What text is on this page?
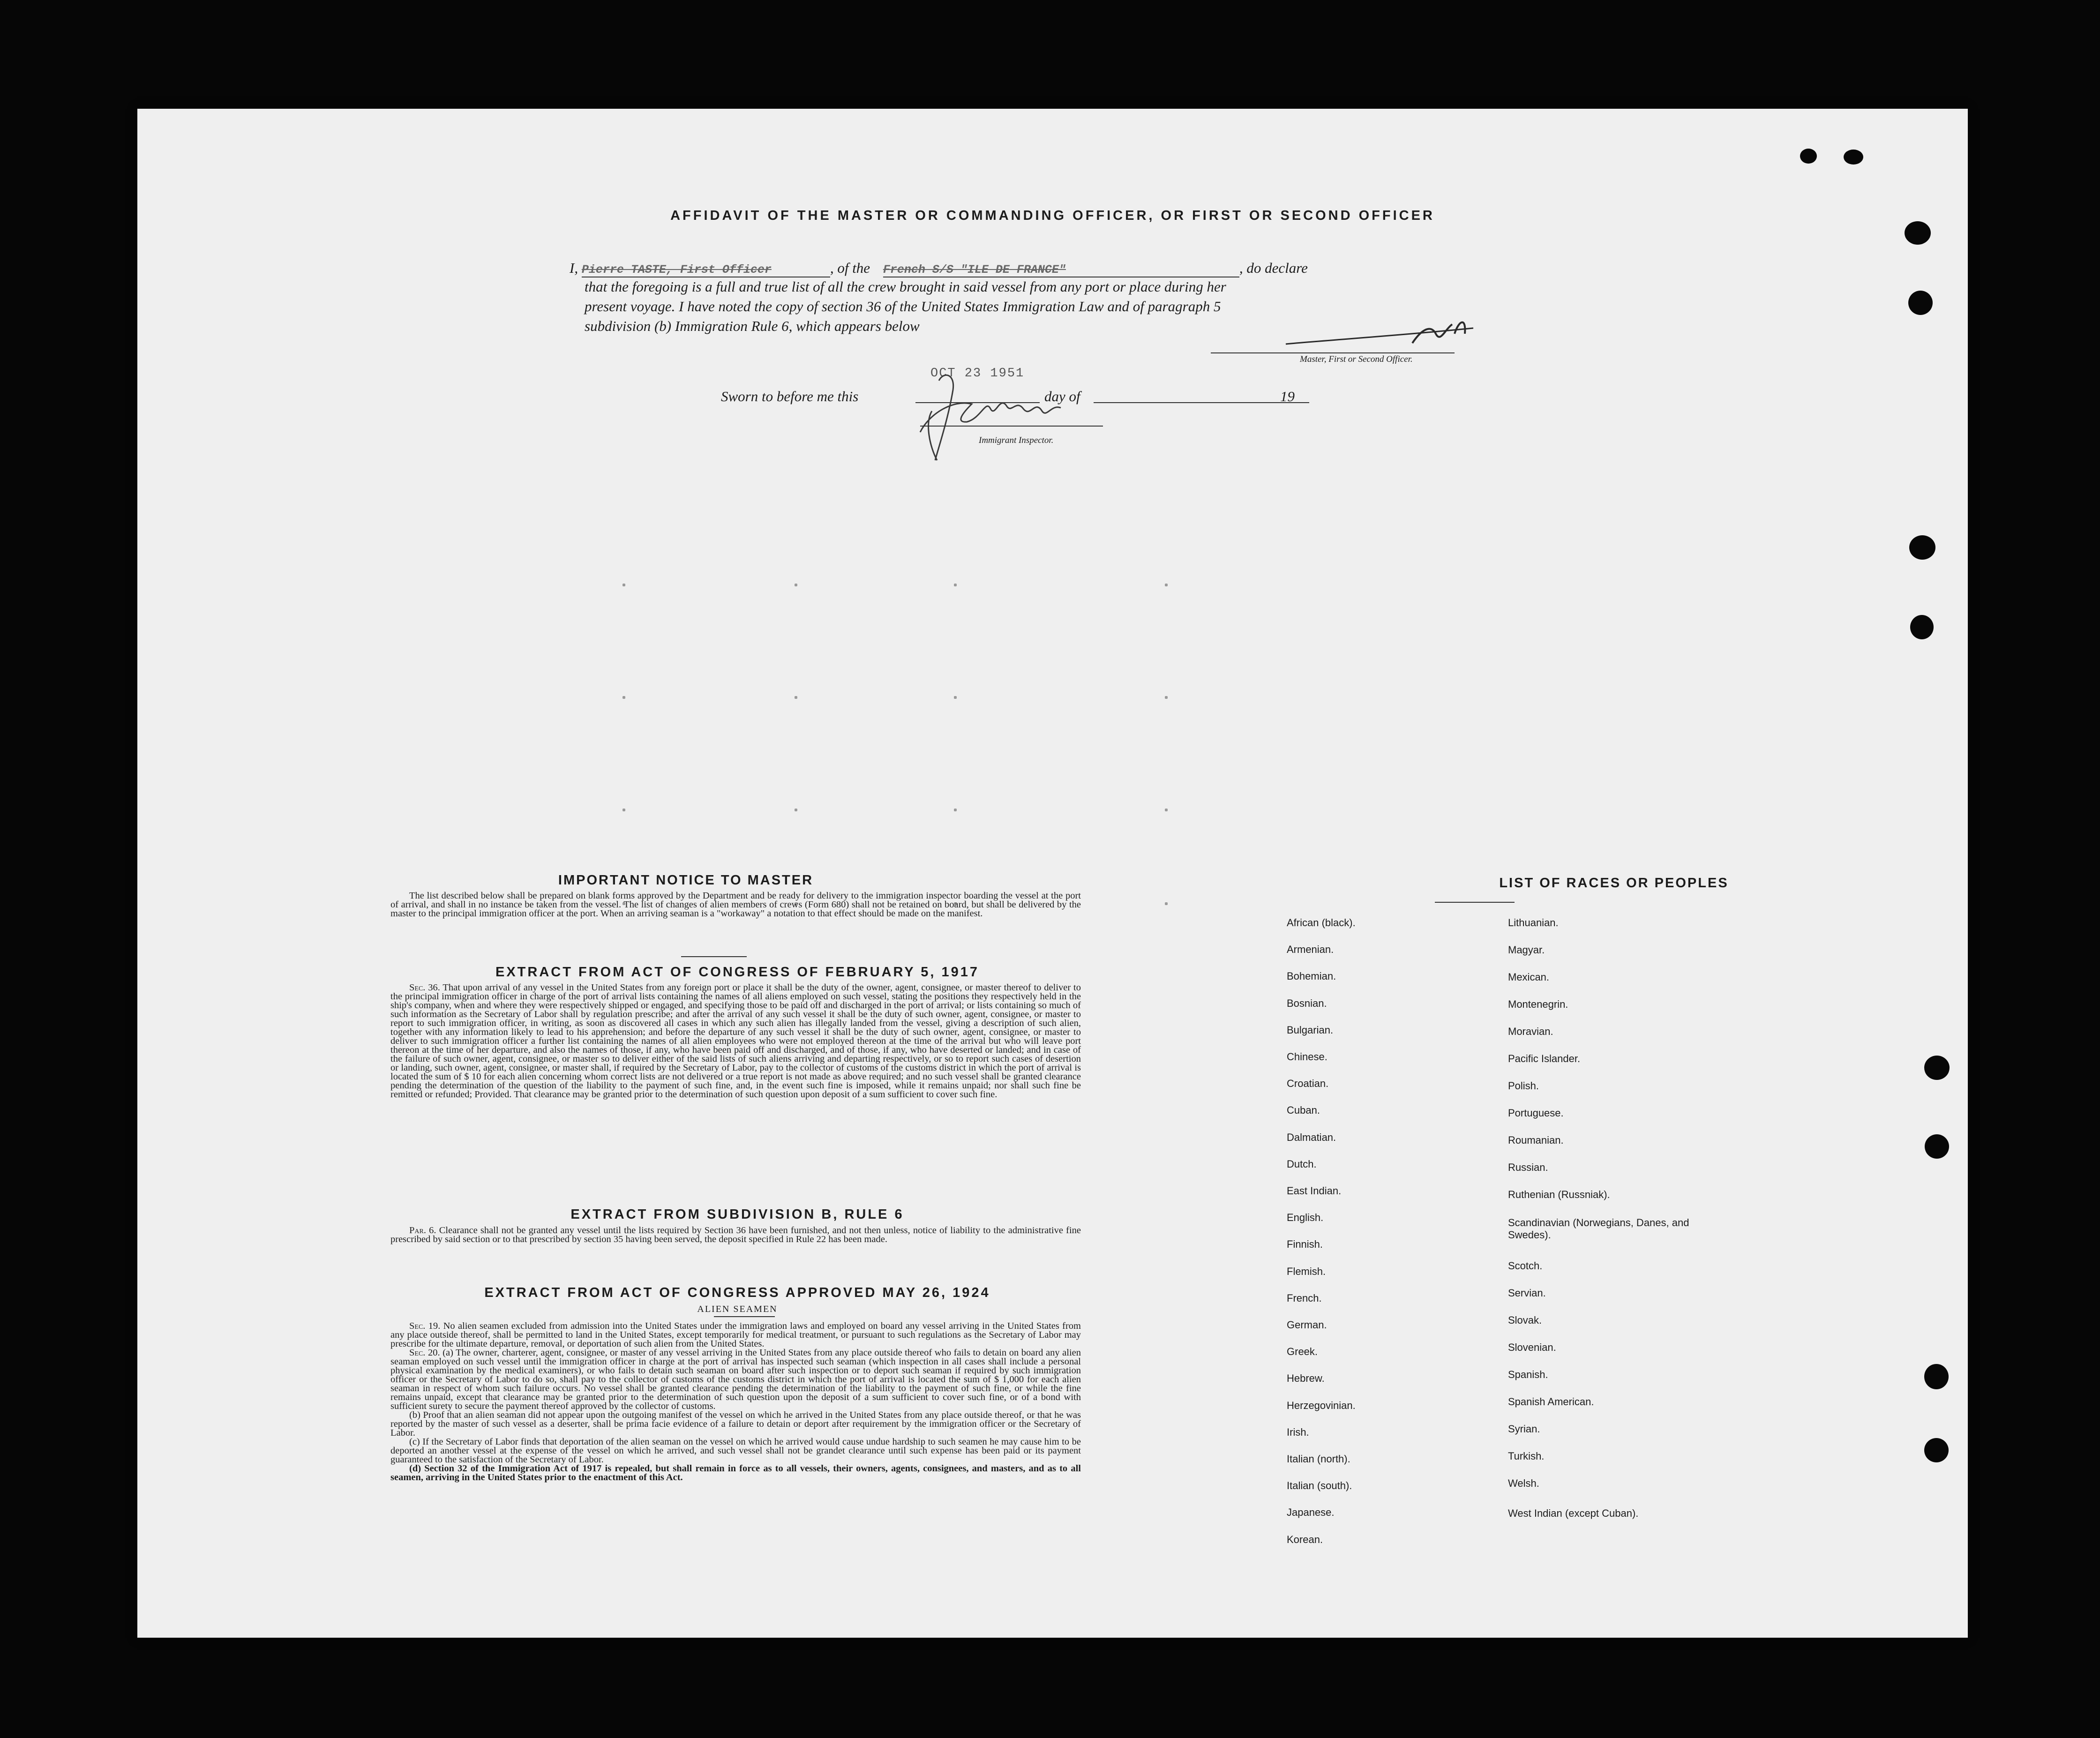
AFFIDAVIT OF THE MASTER OR COMMANDING OFFICER, OR FIRST OR SECOND OFFICER
I, Pierre TASTE, First Officer	, of the French S/S "ILE DE FRANCE"	, do declare
that the foregoing is a full and true list of all the crew brought in said vessel from any port or place during her
present voyage. I have noted the copy of section 36 of the United States Immigration Law and of paragraph 5
subdivision (b) Immigration Rule 6, which appears below
Master, First or Second Officer.
Sworn to before me this
OCT 23 1951
day of	19
Immigrant Inspector.
IMPORTANT NOTICE TO MASTER
The list described below shall be prepared on blank forms approved by the Department and be ready for delivery to the immigration inspector boarding the vessel at the port of arrival, and shall in no instance be taken from the vessel. The list of changes of alien members of crews (Form 680) shall not be retained on board, but shall be delivered by the master to the principal immigration officer at the port. When an arriving seaman is a "workaway" a notation to that effect should be made on the manifest.
EXTRACT FROM ACT OF CONGRESS OF FEBRUARY 5, 1917
Sec. 36. That upon arrival of any vessel in the United States from any foreign port or place it shall be the duty of the owner, agent, consignee, or master thereof to deliver to the principal immigration officer in charge of the port of arrival lists containing the names of all aliens employed on such vessel, stating the positions they respectively held in the ship's company, when and where they were respectively shipped or engaged, and specifying those to be paid off and discharged in the port of arrival; or lists containing so much of such information as the Secretary of Labor shall by regulation prescribe; and after the arrival of any such vessel it shall be the duty of such owner, agent, consignee, or master to report to such immigration officer, in writing, as soon as discovered all cases in which any such alien has illegally landed from the vessel, giving a description of such alien, together with any information likely to lead to his apprehension; and before the departure of any such vessel it shall be the duty of such owner, agent, consignee, or master to deliver to such immigration officer a further list containing the names of all alien employees who were not employed thereon at the time of the arrival but who will leave port thereon at the time of her departure, and also the names of those, if any, who have been paid off and discharged, and of those, if any, who have deserted or landed; and in case of the failure of such owner, agent, consignee, or master so to deliver either of the said lists of such aliens arriving and departing respectively, or so to report such cases of desertion or landing, such owner, agent, consignee, or master shall, if required by the Secretary of Labor, pay to the collector of customs of the customs district in which the port of arrival is located the sum of $ 10 for each alien concerning whom correct lists are not delivered or a true report is not made as above required; and no such vessel shall be granted clearance pending the determination of the question of the liability to the payment of such fine, and, in the event such fine is imposed, while it remains unpaid; nor shall such fine be remitted or refunded; Provided. That clearance may be granted prior to the determination of such question upon deposit of a sum sufficient to cover such fine.
EXTRACT FROM SUBDIVISION B, RULE 6
Par. 6. Clearance shall not be granted any vessel until the lists required by Section 36 have been furnished, and not then unless, notice of liability to the administrative fine prescribed by said section or to that prescribed by section 35 having been served, the deposit specified in Rule 22 has been made.
EXTRACT FROM ACT OF CONGRESS APPROVED MAY 26, 1924
ALIEN SEAMEN
Sec. 19. No alien seamen excluded from admission into the United States under the immigration laws and employed on board any vessel arriving in the United States from any place outside thereof, shall be permitted to land in the United States, except temporarily for medical treatment, or pursuant to such regulations as the Secretary of Labor may prescribe for the ultimate departure, removal, or deportation of such alien from the United States.
Sec. 20. (a) The owner, charterer, agent, consignee, or master of any vessel arriving in the United States from any place outside thereof who fails to detain on board any alien seaman employed on such vessel until the immigration officer in charge at the port of arrival has inspected such seaman (which inspection in all cases shall include a personal physical examination by the medical examiners), or who fails to detain such seaman on board after such inspection or to deport such seaman if required by such immigration officer or the Secretary of Labor to do so, shall pay to the collector of customs of the customs district in which the port of arrival is located the sum of $ 1,000 for each alien seaman in respect of whom such failure occurs. No vessel shall be granted clearance pending the determination of the liability to the payment of such fine, or while the fine remains unpaid, except that clearance may be granted prior to the determination of such question upon the deposit of a sum sufficient to cover such fine, or of a bond with sufficient surety to secure the payment thereof approved by the collector of customs.
(b) Proof that an alien seaman did not appear upon the outgoing manifest of the vessel on which he arrived in the United States from any place outside thereof, or that he was reported by the master of such vessel as a deserter, shall be prima facie evidence of a failure to detain or deport after requirement by the immigration officer or the Secretary of Labor.
(c) If the Secretary of Labor finds that deportation of the alien seaman on the vessel on which he arrived would cause undue hardship to such seamen he may cause him to be deported an another vessel at the expense of the vessel on which he arrived, and such vessel shall not be grandet clearance until such expense has been paid or its payment guaranteed to the satisfaction of the Secretary of Labor.
(d) Section 32 of the Immigration Act of 1917 is repealed, but shall remain in force as to all vessels, their owners, agents, consignees, and masters, and as to all seamen, arriving in the United States prior to the enactment of this Act.
LIST OF RACES OR PEOPLES
African (black).
Armenian.
Bohemian.
Bosnian.
Bulgarian.
Chinese.
Croatian.
Cuban.
Dalmatian.
Dutch.
East Indian.
English.
Finnish.
Flemish.
French.
German.
Greek.
Hebrew.
Herzegovinian.
Irish.
Italian (north).
Italian (south).
Japanese.
Korean.
Lithuanian.
Magyar.
Mexican.
Montenegrin.
Moravian.
Pacific Islander.
Polish.
Portuguese.
Roumanian.
Russian.
Ruthenian (Russniak).
Scandinavian (Norwegians, Danes, and Swedes).
Scotch.
Servian.
Slovak.
Slovenian.
Spanish.
Spanish American.
Syrian.
Turkish.
Welsh.
West Indian (except Cuban).
